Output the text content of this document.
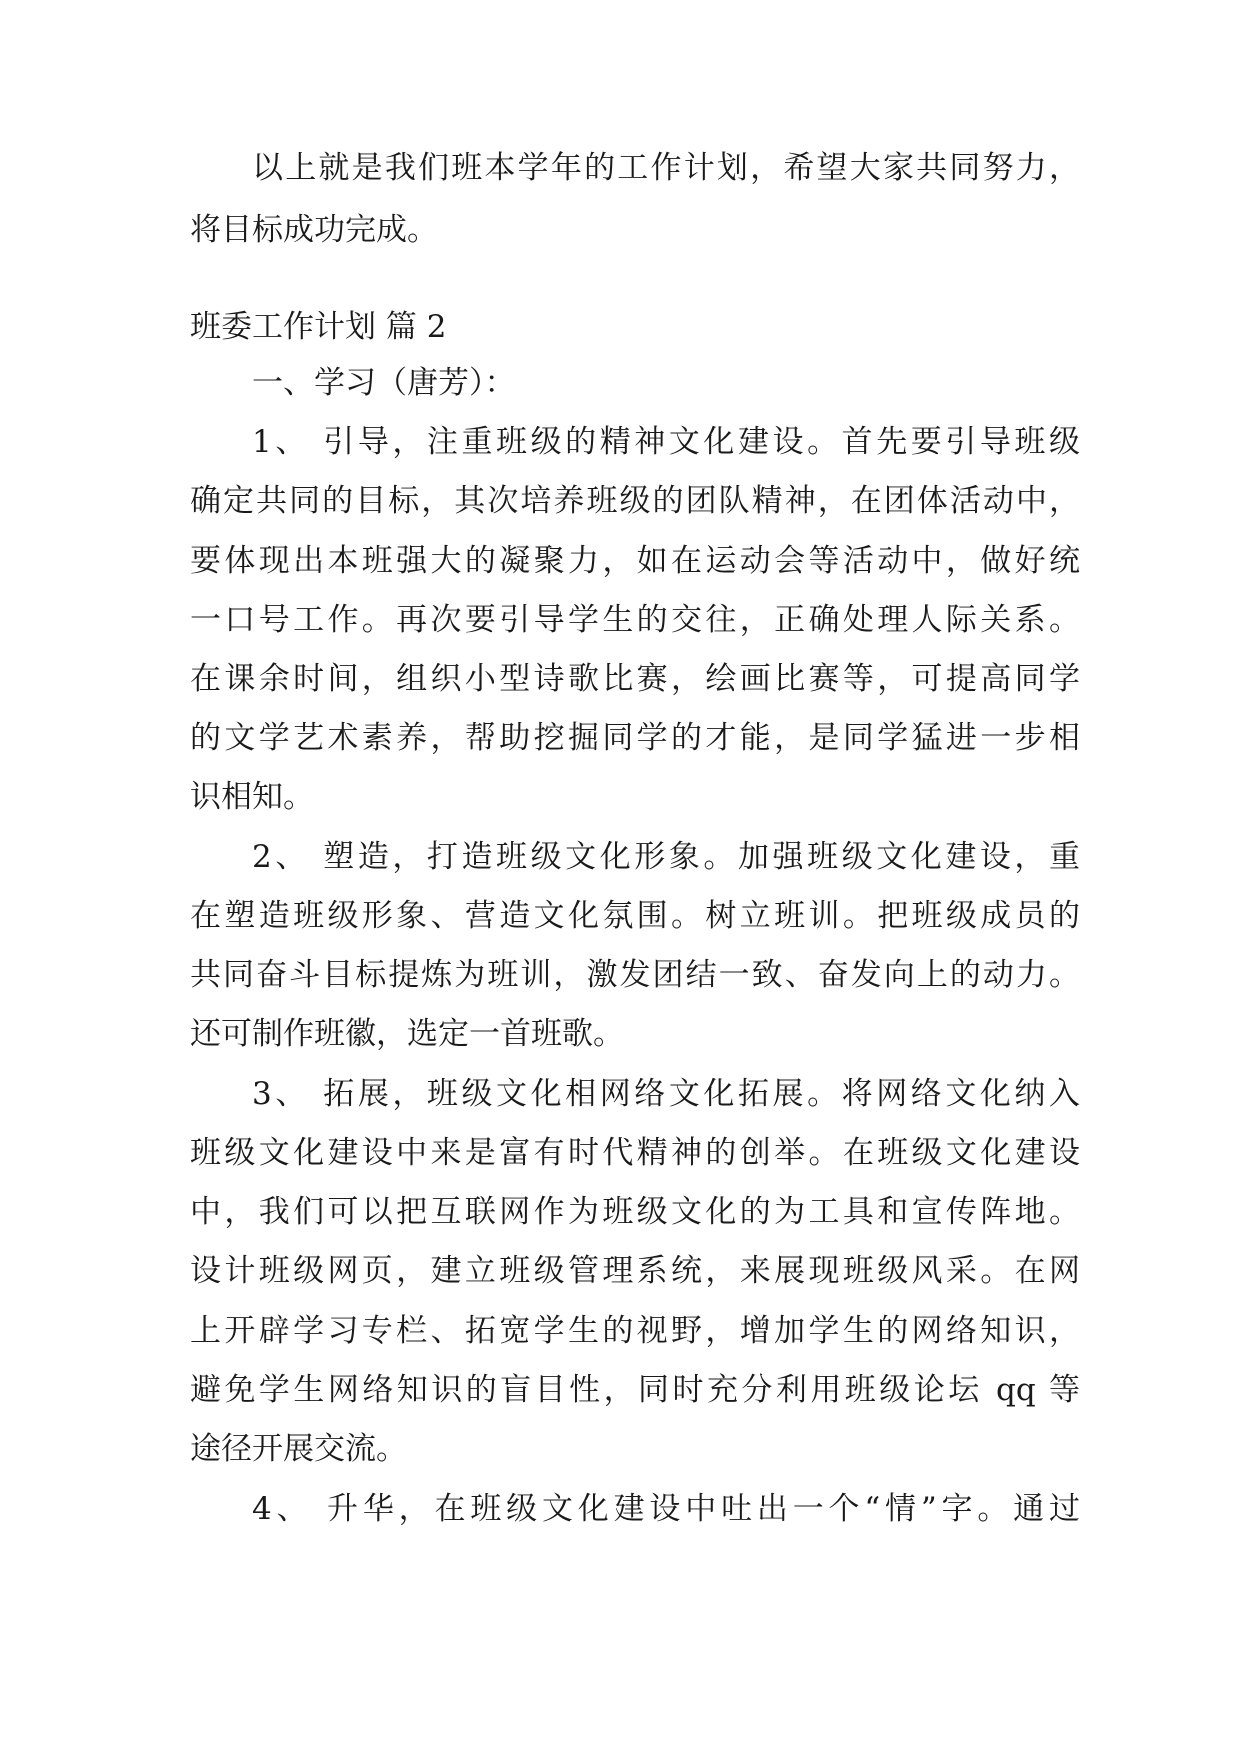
以上就是我们班本学年的工作计划，希望大家共同努力，
将目标成功完成。
班委工作计划 篇 2
一、学习（唐芳）：
1、 引导，注重班级的精神文化建设。首先要引导班级
确定共同的目标，其次培养班级的团队精神，在团体活动中，
要体现出本班强大的凝聚力，如在运动会等活动中，做好统
一口号工作。再次要引导学生的交往，正确处理人际关系。
在课余时间，组织小型诗歌比赛，绘画比赛等，可提高同学
的文学艺术素养，帮助挖掘同学的才能，是同学猛进一步相
识相知。
2、 塑造，打造班级文化形象。加强班级文化建设，重
在塑造班级形象、营造文化氛围。树立班训。把班级成员的
共同奋斗目标提炼为班训，激发团结一致、奋发向上的动力。
还可制作班徽，选定一首班歌。
3、 拓展，班级文化相网络文化拓展。将网络文化纳入
班级文化建设中来是富有时代精神的创举。在班级文化建设
中，我们可以把互联网作为班级文化的为工具和宣传阵地。
设计班级网页，建立班级管理系统，来展现班级风采。在网
上开辟学习专栏、拓宽学生的视野，增加学生的网络知识，
避免学生网络知识的盲目性，同时充分利用班级论坛 qq 等
途径开展交流。
4、 升华，在班级文化建设中吐出一个“情”字。通过
